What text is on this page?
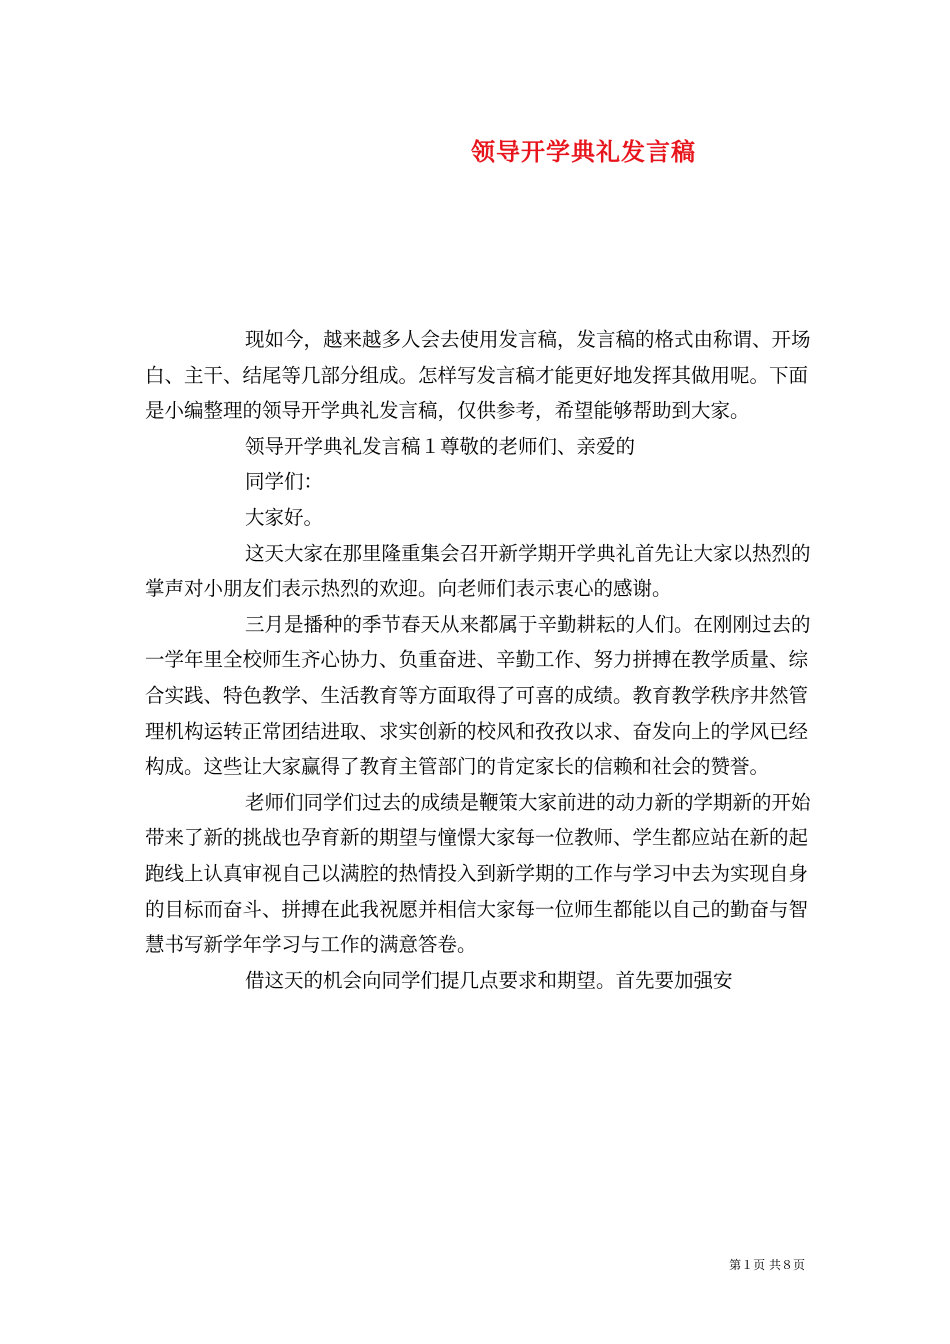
领导开学典礼发言稿

现如今，越来越多人会去使用发言稿，发言稿的格式由称谓、开场白、主干、结尾等几部分组成。怎样写发言稿才能更好地发挥其做用呢。下面是小编整理的领导开学典礼发言稿，仅供参考，希望能够帮助到大家。

领导开学典礼发言稿１尊敬的老师们、亲爱的

同学们：

大家好。

这天大家在那里隆重集会召开新学期开学典礼首先让大家以热烈的掌声对小朋友们表示热烈的欢迎。向老师们表示衷心的感谢。

三月是播种的季节春天从来都属于辛勤耕耘的人们。在刚刚过去的一学年里全校师生齐心协力、负重奋进、辛勤工作、努力拼搏在教学质量、综合实践、特色教学、生活教育等方面取得了可喜的成绩。教育教学秩序井然管理机构运转正常团结进取、求实创新的校风和孜孜以求、奋发向上的学风已经构成。这些让大家赢得了教育主管部门的肯定家长的信赖和社会的赞誉。

老师们同学们过去的成绩是鞭策大家前进的动力新的学期新的开始带来了新的挑战也孕育新的期望与憧憬大家每一位教师、学生都应站在新的起跑线上认真审视自己以满腔的热情投入到新学期的工作与学习中去为实现自身的目标而奋斗、拼搏在此我祝愿并相信大家每一位师生都能以自己的勤奋与智慧书写新学年学习与工作的满意答卷。

借这天的机会向同学们提几点要求和期望。首先要加强安

第１页 共８页
